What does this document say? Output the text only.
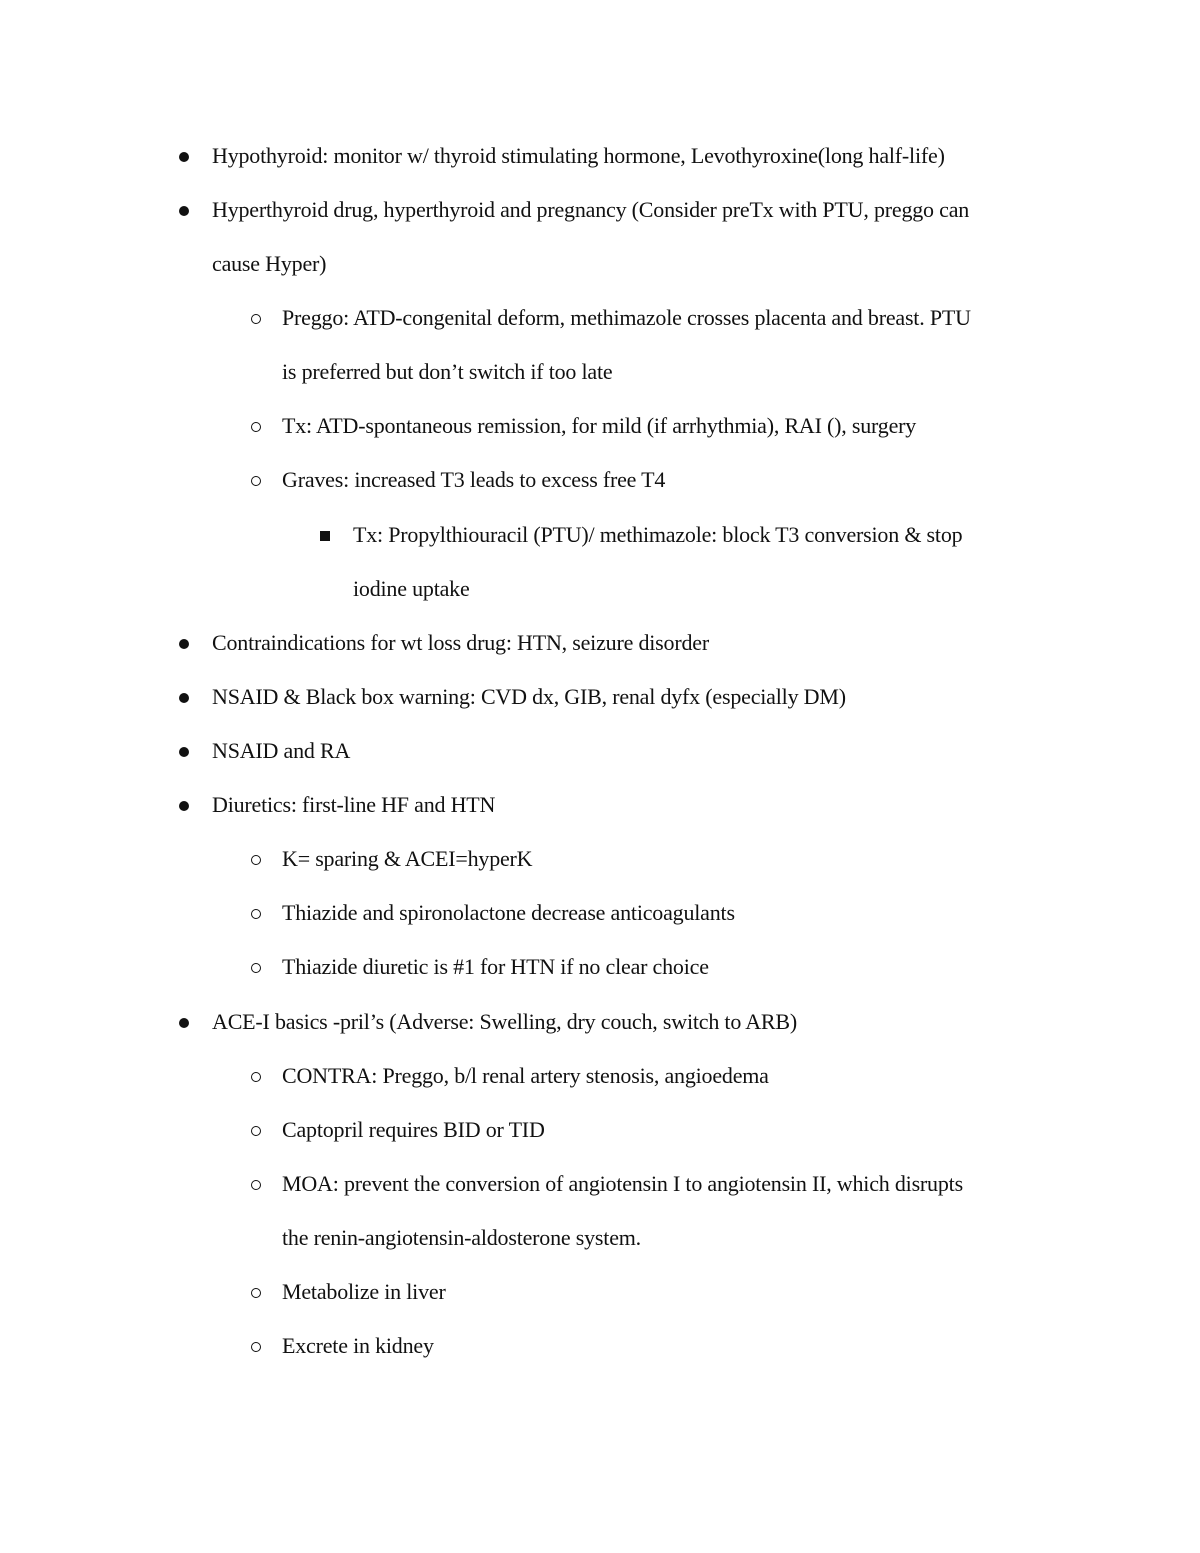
Hypothyroid: monitor w/ thyroid stimulating hormone, Levothyroxine(long half-life)
Hyperthyroid drug, hyperthyroid and pregnancy (Consider preTx with PTU, preggo can
cause Hyper)
Preggo: ATD-congenital deform, methimazole crosses placenta and breast. PTU
is preferred but don’t switch if too late
Tx: ATD-spontaneous remission, for mild (if arrhythmia), RAI (), surgery
Graves: increased T3 leads to excess free T4
Tx: Propylthiouracil (PTU)/ methimazole: block T3 conversion & stop
iodine uptake
Contraindications for wt loss drug: HTN, seizure disorder
NSAID & Black box warning: CVD dx, GIB, renal dyfx (especially DM)
NSAID and RA
Diuretics: first-line HF and HTN
K= sparing & ACEI=hyperK
Thiazide and spironolactone decrease anticoagulants
Thiazide diuretic is #1 for HTN if no clear choice
ACE-I basics -pril’s (Adverse: Swelling, dry couch, switch to ARB)
CONTRA: Preggo, b/l renal artery stenosis, angioedema
Captopril requires BID or TID
MOA: prevent the conversion of angiotensin I to angiotensin II, which disrupts
the renin-angiotensin-aldosterone system.
Metabolize in liver
Excrete in kidney
